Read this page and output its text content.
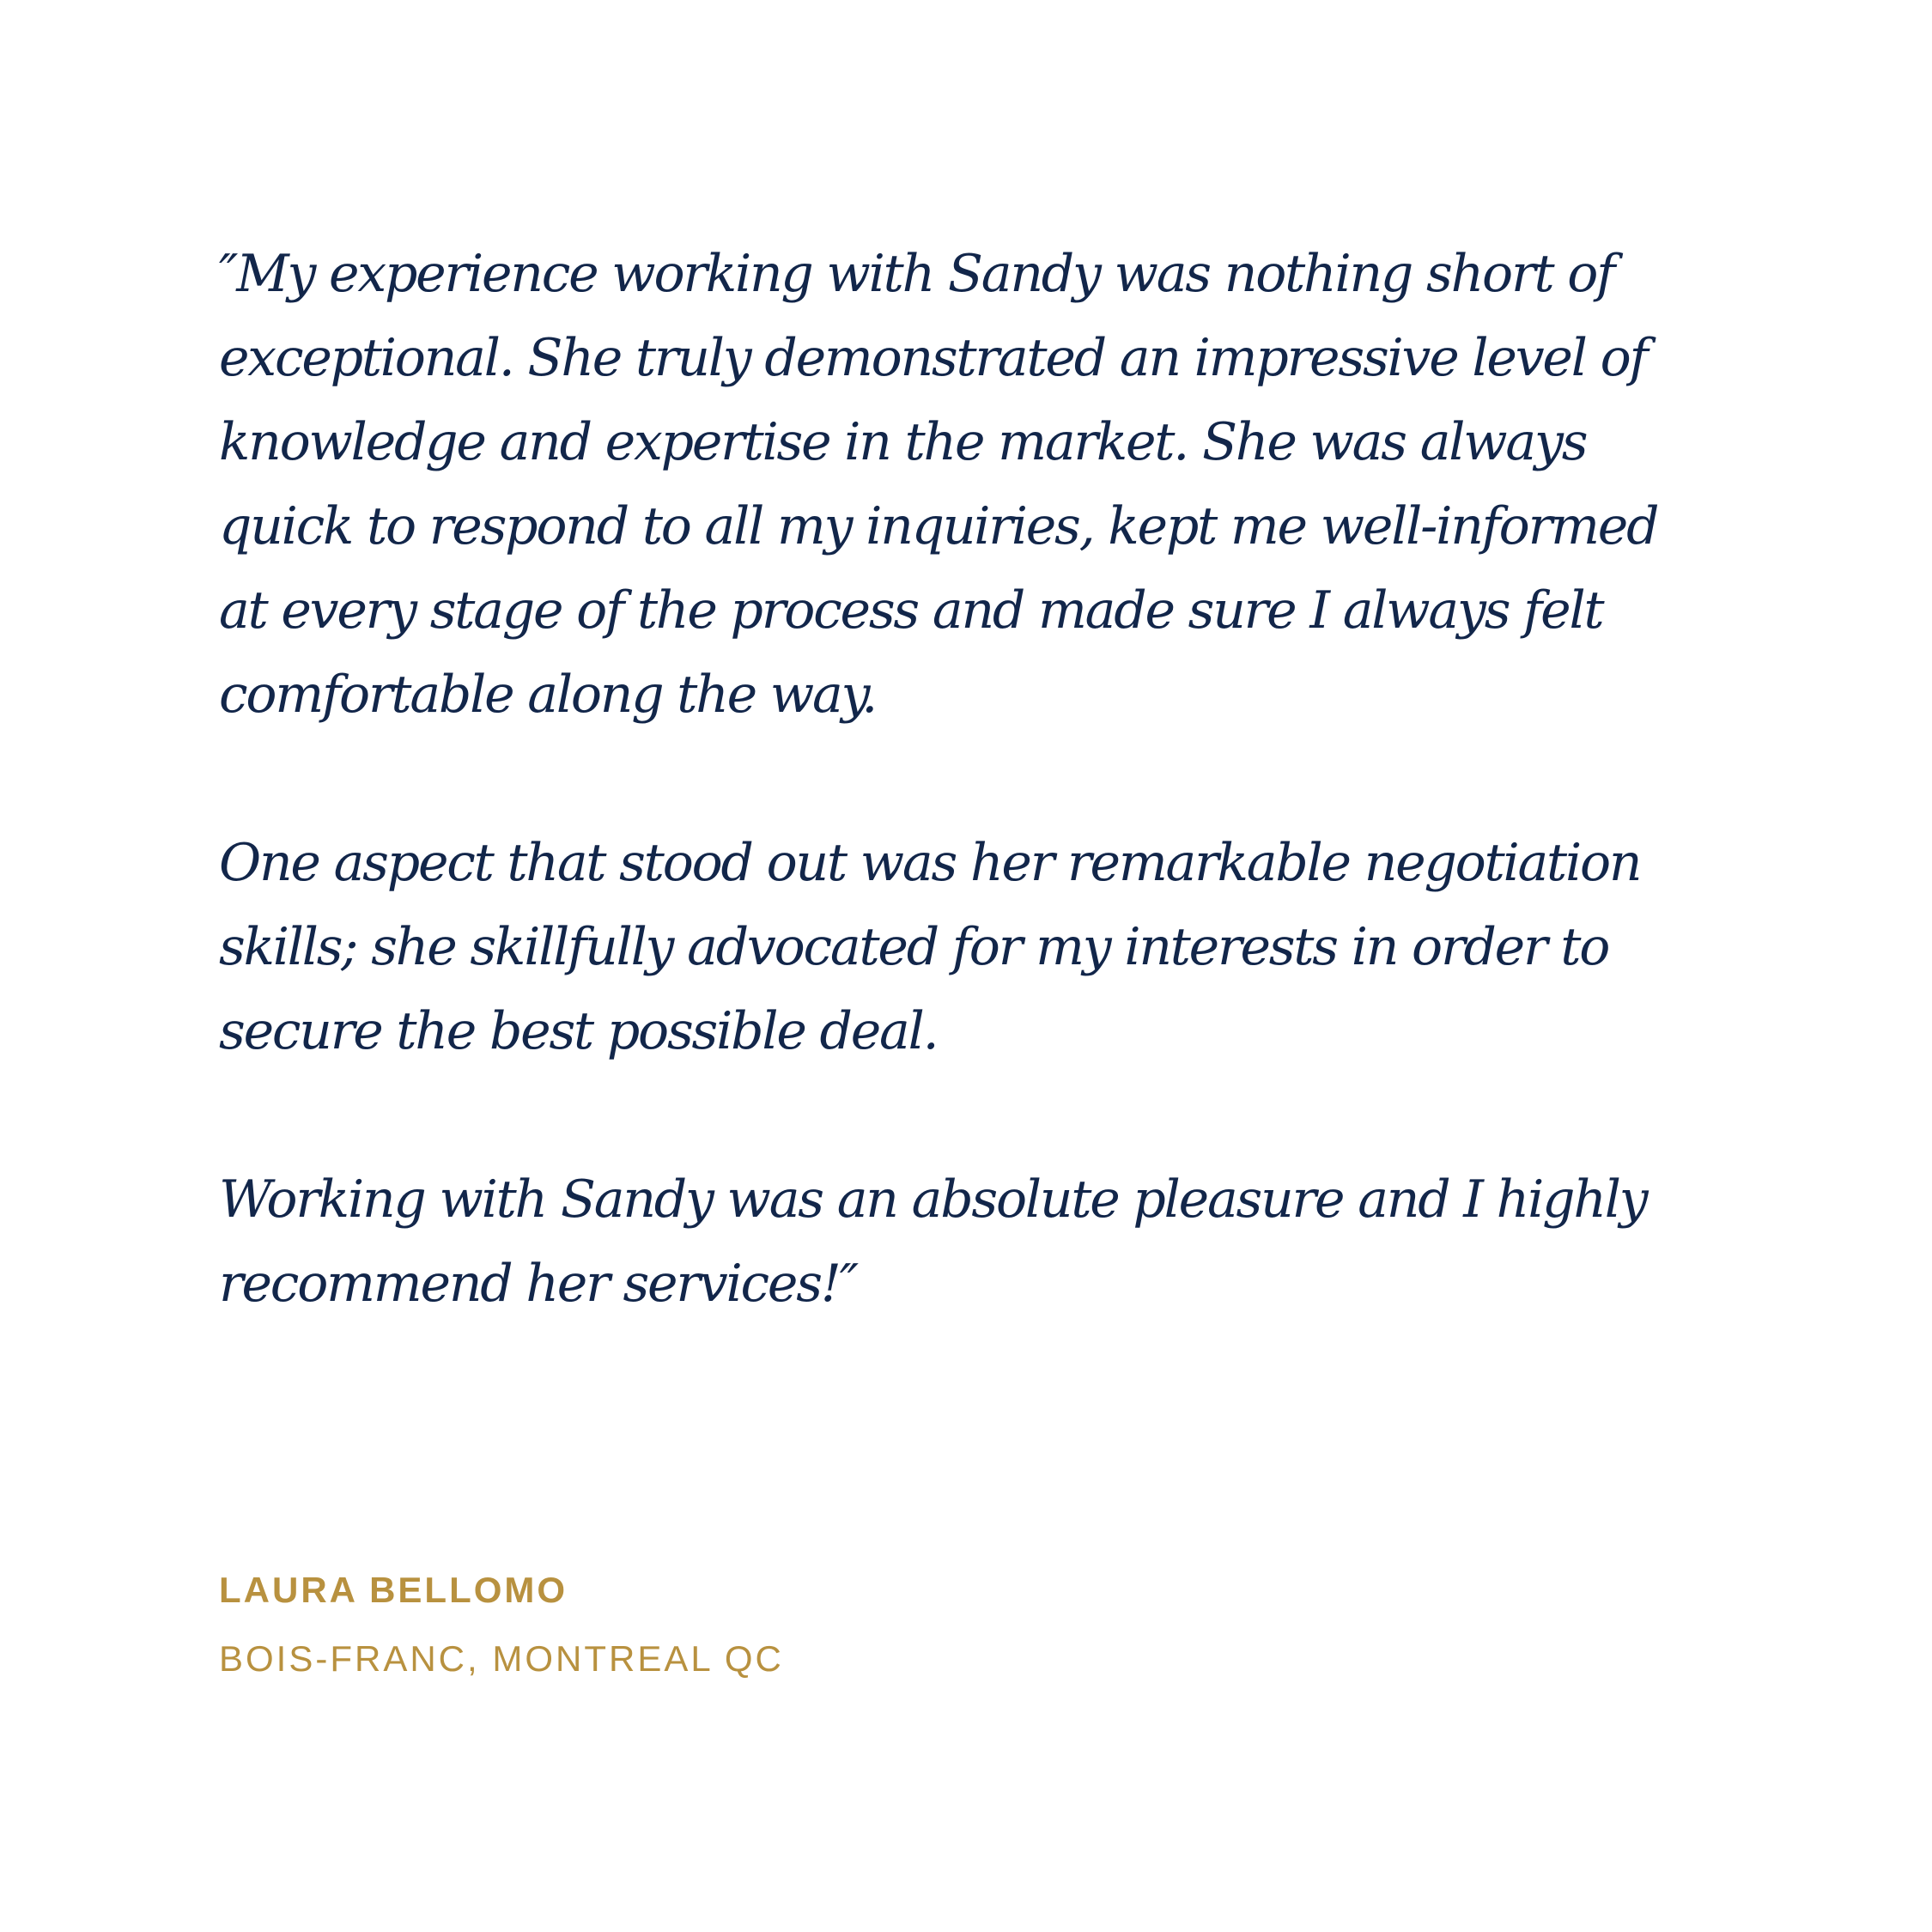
″My experience working with Sandy was nothing short of

exceptional. She truly demonstrated an impressive level of

knowledge and expertise in the market. She was always

quick to respond to all my inquiries, kept me well-informed

at every stage of the process and made sure I always felt

comfortable along the way.

One aspect that stood out was her remarkable negotiation

skills; she skillfully advocated for my interests in order to

secure the best possible deal.

Working with Sandy was an absolute pleasure and I highly

recommend her services!″

LAURA BELLOMO

BOIS-FRANC, MONTREAL QC
